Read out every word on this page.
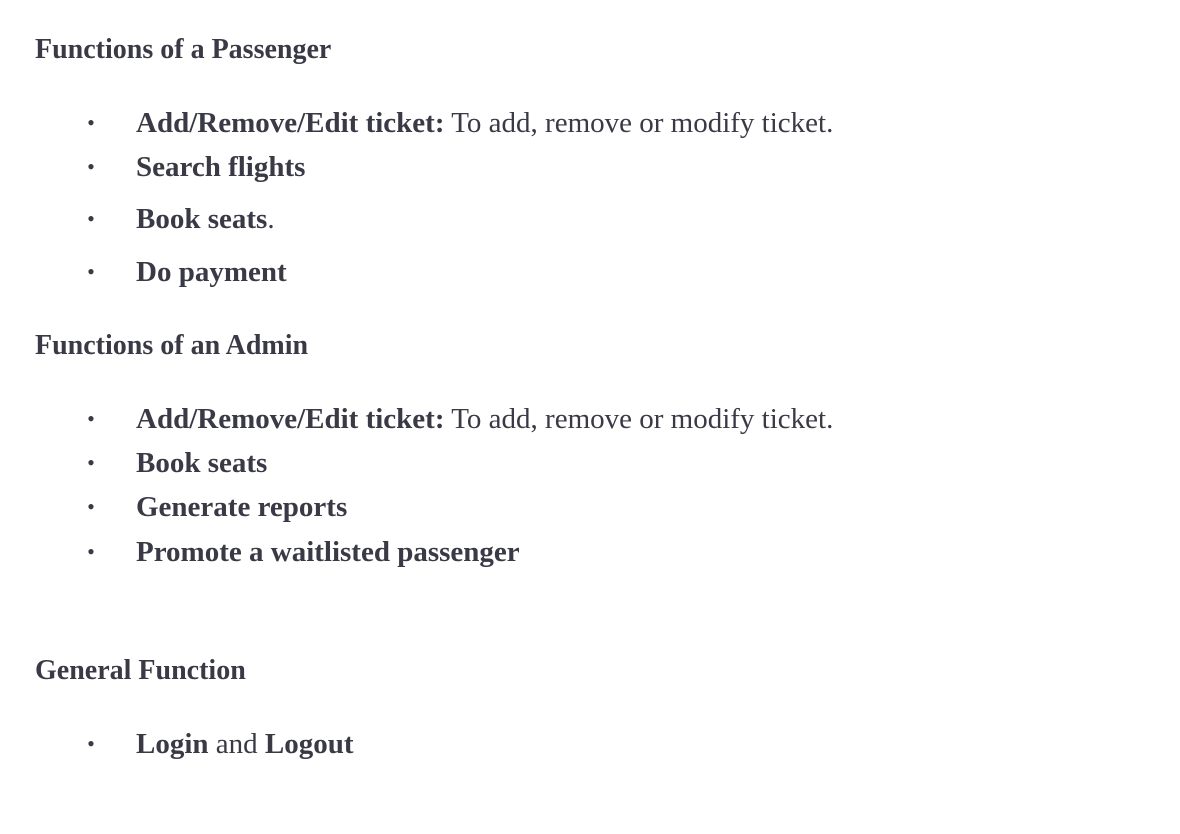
Functions of a Passenger
• Add/Remove/Edit ticket: To add, remove or modify ticket.
• Search flights
• Book seats.
• Do payment
Functions of an Admin
• Add/Remove/Edit ticket: To add, remove or modify ticket.
• Book seats
• Generate reports
• Promote a waitlisted passenger
General Function
• Login and Logout
